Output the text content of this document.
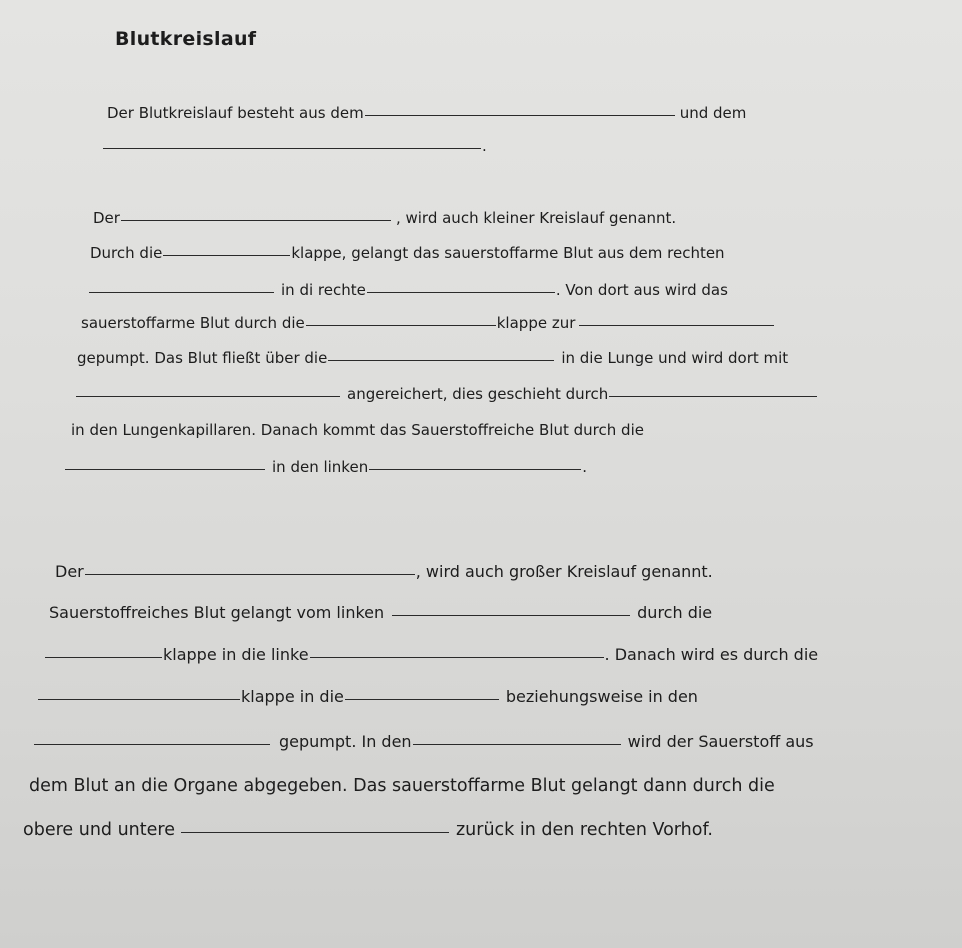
Blutkreislauf
Der Blutkreislauf besteht aus dem	und dem
.
Der	, wird auch kleiner Kreislauf genannt.
Durch die	klappe, gelangt das sauerstoffarme Blut aus dem rechten
in di rechte	. Von dort aus wird das
sauerstoffarme Blut durch die	klappe zur
gepumpt. Das Blut fließt über die	in die Lunge und wird dort mit
angereichert, dies geschieht durch
in den Lungenkapillaren. Danach kommt das Sauerstoffreiche Blut durch die
in den linken	.
Der	, wird auch großer Kreislauf genannt.
Sauerstoffreiches Blut gelangt vom linken	durch die
klappe in die linke	. Danach wird es durch die
klappe in die	beziehungsweise in den
gepumpt. In den	wird der Sauerstoff aus
dem Blut an die Organe abgegeben. Das sauerstoffarme Blut gelangt dann durch die
obere und untere	zurück in den rechten Vorhof.
